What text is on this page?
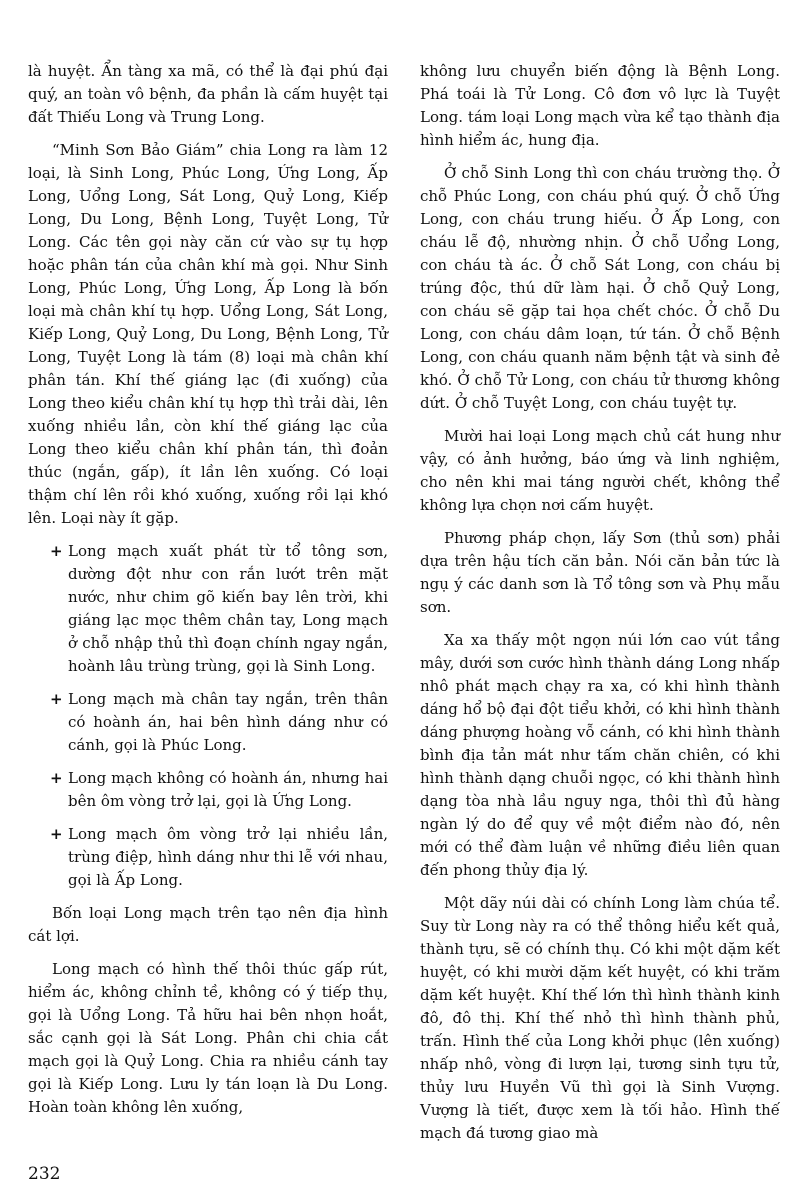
là huyệt. Ẩn tàng xa mã, có thể là đại phú đại quý, an toàn vô bệnh, đa phần là cấm huyệt tại đất Thiếu Long và Trung Long.

“Minh Sơn Bảo Giám” chia Long ra làm 12 loại, là Sinh Long, Phúc Long, Ứng Long, Ấp Long, Uổng Long, Sát Long, Quỷ Long, Kiếp Long, Du Long, Bệnh Long, Tuyệt Long, Tử Long. Các tên gọi này căn cứ vào sự tụ hợp hoặc phân tán của chân khí mà gọi. Như Sinh Long, Phúc Long, Ứng Long, Ấp Long là bốn loại mà chân khí tụ hợp. Uổng Long, Sát Long, Kiếp Long, Quỷ Long, Du Long, Bệnh Long, Tử Long, Tuyệt Long là tám (8) loại mà chân khí phân tán. Khí thế giáng lạc (đi xuống) của Long theo kiểu chân khí tụ hợp thì trải dài, lên xuống nhiều lần, còn khí thế giáng lạc của Long theo kiểu chân khí phân tán, thì đoản thúc (ngắn, gấp), ít lần lên xuống. Có loại thậm chí lên rồi khó xuống, xuống rồi lại khó lên. Loại này ít gặp.

+ Long mạch xuất phát từ tổ tông sơn, dường đột như con rắn lướt trên mặt nước, như chim gõ kiến bay lên trời, khi giáng lạc mọc thêm chân tay, Long mạch ở chỗ nhập thủ thì đoạn chính ngay ngắn, hoành lâu trùng trùng, gọi là Sinh Long.
+ Long mạch mà chân tay ngắn, trên thân có hoành án, hai bên hình dáng như có cánh, gọi là Phúc Long.
+ Long mạch không có hoành án, nhưng hai bên ôm vòng trở lại, gọi là Ứng Long.
+ Long mạch ôm vòng trở lại nhiều lần, trùng điệp, hình dáng như thi lễ với nhau, gọi là Ấp Long.

Bốn loại Long mạch trên tạo nên địa hình cát lợi.

Long mạch có hình thế thôi thúc gấp rút, hiểm ác, không chỉnh tề, không có ý tiếp thụ, gọi là Uổng Long. Tả hữu hai bên nhọn hoắt, sắc cạnh gọi là Sát Long. Phân chi chia cắt mạch gọi là Quỷ Long. Chia ra nhiều cánh tay gọi là Kiếp Long. Lưu ly tán loạn là Du Long. Hoàn toàn không lên xuống,

không lưu chuyển biến động là Bệnh Long. Phá toái là Tử Long. Cô đơn vô lực là Tuyệt Long. tám loại Long mạch vừa kể tạo thành địa hình hiểm ác, hung địa.

Ở chỗ Sinh Long thì con cháu trường thọ. Ở chỗ Phúc Long, con cháu phú quý. Ở chỗ Ứng Long, con cháu trung hiếu. Ở Ấp Long, con cháu lễ độ, nhường nhịn. Ở chỗ Uổng Long, con cháu tà ác. Ở chỗ Sát Long, con cháu bị trúng độc, thú dữ làm hại. Ở chỗ Quỷ Long, con cháu sẽ gặp tai họa chết chóc. Ở chỗ Du Long, con cháu dâm loạn, tứ tán. Ở chỗ Bệnh Long, con cháu quanh năm bệnh tật và sinh đẻ khó. Ở chỗ Tử Long, con cháu tử thương không dứt. Ở chỗ Tuyệt Long, con cháu tuyệt tự.

Mười hai loại Long mạch chủ cát hung như vậy, có ảnh hưởng, báo ứng và linh nghiệm, cho nên khi mai táng người chết, không thể không lựa chọn nơi cấm huyệt.

Phương pháp chọn, lấy Sơn (thủ sơn) phải dựa trên hậu tích căn bản. Nói căn bản tức là ngụ ý các danh sơn là Tổ tông sơn và Phụ mẫu sơn.

Xa xa thấy một ngọn núi lớn cao vút tầng mây, dưới sơn cước hình thành dáng Long nhấp nhô phát mạch chạy ra xa, có khi hình thành dáng hổ bộ đại đột tiểu khởi, có khi hình thành dáng phượng hoàng vỗ cánh, có khi hình thành bình địa tản mát như tấm chăn chiên, có khi hình thành dạng chuỗi ngọc, có khi thành hình dạng tòa nhà lầu nguy nga, thôi thì đủ hàng ngàn lý do để quy về một điểm nào đó, nên mới có thể đàm luận về những điều liên quan đến phong thủy địa lý.

Một dãy núi dài có chính Long làm chúa tể. Suy từ Long này ra có thể thông hiểu kết quả, thành tựu, sẽ có chính thụ. Có khi một dặm kết huyệt, có khi mười dặm kết huyệt, có khi trăm dặm kết huyệt. Khí thế lớn thì hình thành kinh đô, đô thị. Khí thế nhỏ thì hình thành phủ, trấn. Hình thế của Long khởi phục (lên xuống) nhấp nhô, vòng đi lượn lại, tương sinh tựu tử, thủy lưu Huyền Vũ thì gọi là Sinh Vượng. Vượng là tiết, được xem là tối hảo. Hình thế mạch đá tương giao mà

232
